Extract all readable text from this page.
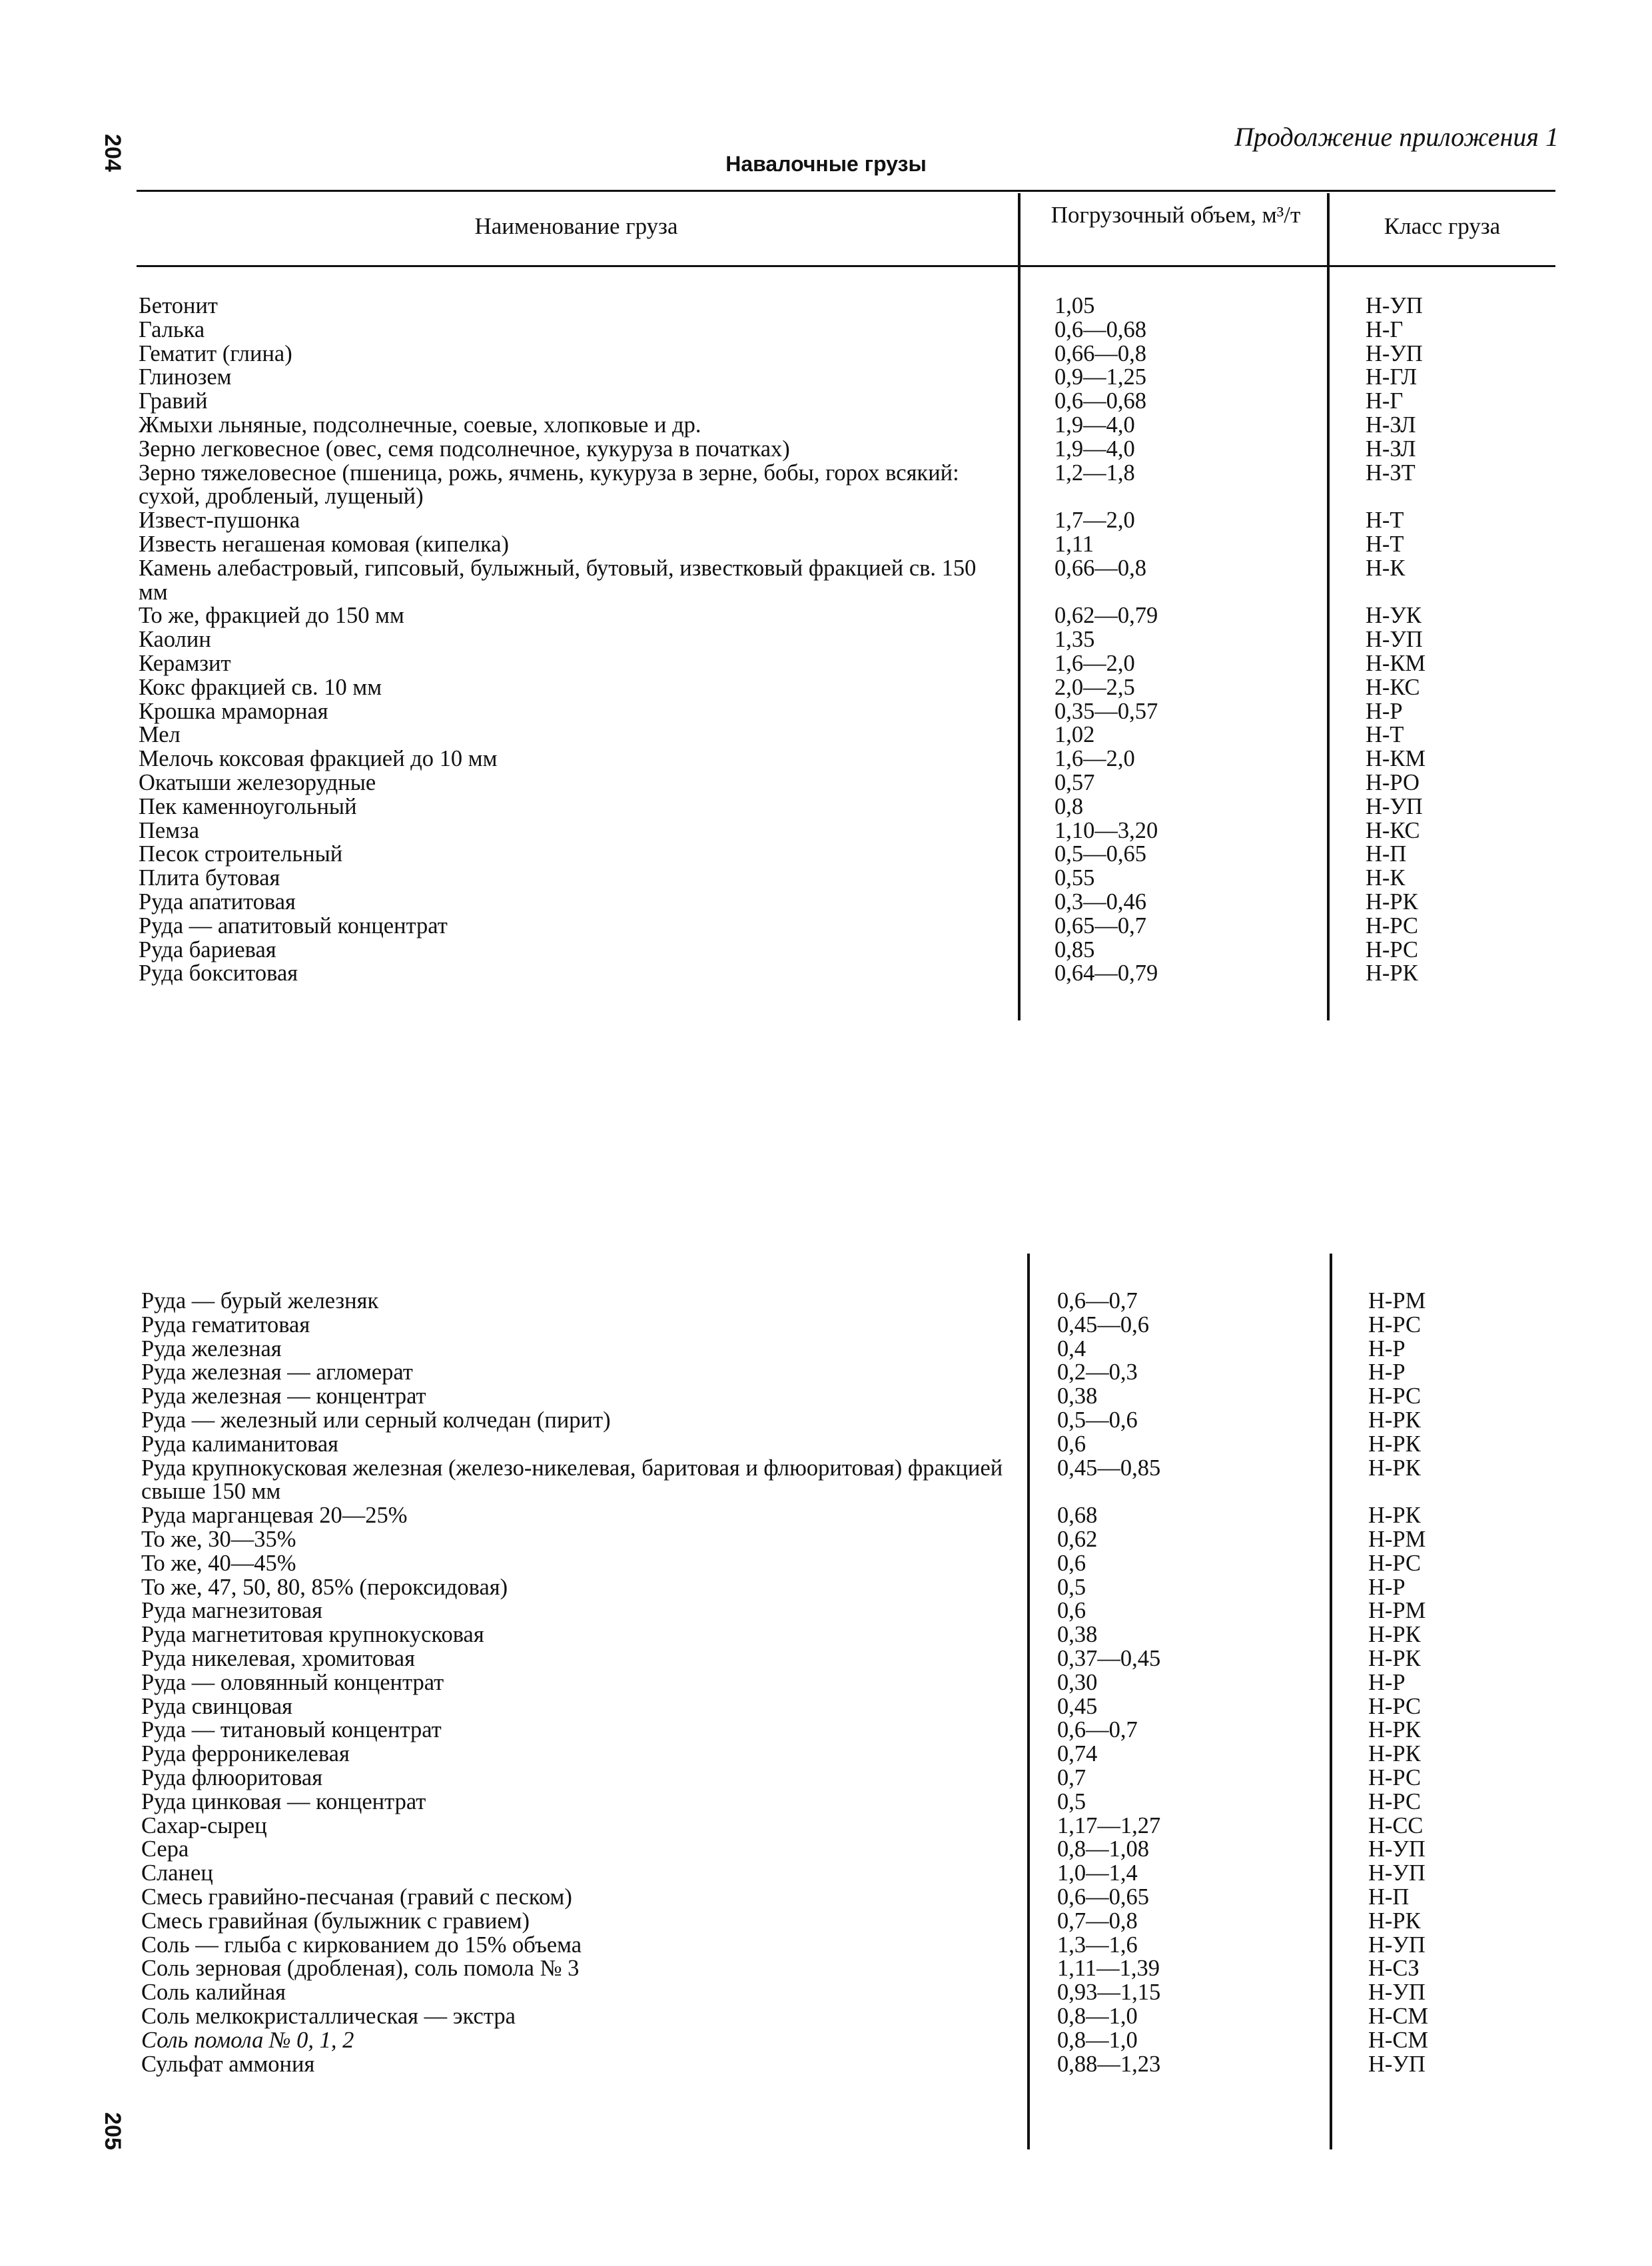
204
205
Продолжение приложения 1
Навалочные грузы
Наименование груза	Погрузочный объем, м³/т	Класс груза
Бетонит	1,05	Н-УП
Галька	0,6—0,68	Н-Г
Гематит (глина)	0,66—0,8	Н-УП
Глинозем	0,9—1,25	Н-ГЛ
Гравий	0,6—0,68	Н-Г
Жмыхи льняные, подсолнечные, соевые, хлопковые и др.	1,9—4,0	Н-ЗЛ
Зерно легковесное (овес, семя подсолнечное, кукуруза в початках)	1,9—4,0	Н-ЗЛ
Зерно тяжеловесное (пшеница, рожь, ячмень, кукуруза в зерне, бобы, горох всякий: сухой, дробленый, лущеный)
1,2—1,8	Н-ЗТ
Извест-пушонка	1,7—2,0	Н-Т
Известь негашеная комовая (кипелка)	1,11	Н-Т
Камень алебастровый, гипсовый, булыжный, бутовый, известковый фракцией св. 150 мм
0,66—0,8	Н-К
То же, фракцией до 150 мм	0,62—0,79	Н-УК
Каолин	1,35	Н-УП
Керамзит	1,6—2,0	Н-КМ
Кокс фракцией св. 10 мм	2,0—2,5	Н-КС
Крошка мраморная	0,35—0,57	Н-Р
Мел	1,02	Н-Т
Мелочь коксовая фракцией до 10 мм	1,6—2,0	Н-КМ
Окатыши железорудные	0,57	Н-РО
Пек каменноугольный	0,8	Н-УП
Пемза	1,10—3,20	Н-КС
Песок строительный	0,5—0,65	Н-П
Плита бутовая	0,55	Н-К
Руда апатитовая	0,3—0,46	Н-РК
Руда — апатитовый концентрат	0,65—0,7	Н-РС
Руда бариевая	0,85	Н-РС
Руда бокситовая	0,64—0,79	Н-РК
Руда — бурый железняк	0,6—0,7	Н-РМ
Руда гематитовая	0,45—0,6	Н-РС
Руда железная	0,4	Н-Р
Руда железная — агломерат	0,2—0,3	Н-Р
Руда железная — концентрат	0,38	Н-РС
Руда — железный или серный колчедан (пирит)	0,5—0,6	Н-РК
Руда калиманитовая	0,6	Н-РК
Руда крупнокусковая железная (железо-никелевая, баритовая и флюоритовая) фракцией свыше 150 мм
0,45—0,85	Н-РК
Руда марганцевая 20—25%	0,68	Н-РК
То же, 30—35%	0,62	Н-РМ
То же, 40—45%	0,6	Н-РС
То же, 47, 50, 80, 85% (пероксидовая)	0,5	Н-Р
Руда магнезитовая	0,6	Н-РМ
Руда магнетитовая крупнокусковая	0,38	Н-РК
Руда никелевая, хромитовая	0,37—0,45	Н-РК
Руда — оловянный концентрат	0,30	Н-Р
Руда свинцовая	0,45	Н-РС
Руда — титановый концентрат	0,6—0,7	Н-РК
Руда ферроникелевая	0,74	Н-РК
Руда флюоритовая	0,7	Н-РС
Руда цинковая — концентрат	0,5	Н-РС
Сахар-сырец	1,17—1,27	Н-СС
Сера	0,8—1,08	Н-УП
Сланец	1,0—1,4	Н-УП
Смесь гравийно-песчаная (гравий с песком)	0,6—0,65	Н-П
Смесь гравийная (булыжник с гравием)	0,7—0,8	Н-РК
Соль — глыба с кирковaнием до 15% объема	1,3—1,6	Н-УП
Соль зерновая (дробленая), соль помола № 3	1,11—1,39	Н-СЗ
Соль калийная	0,93—1,15	Н-УП
Соль мелкокристаллическая — экстра	0,8—1,0	Н-СМ
Соль помола № 0, 1, 2	0,8—1,0	Н-СМ
Сульфат аммония	0,88—1,23	Н-УП
